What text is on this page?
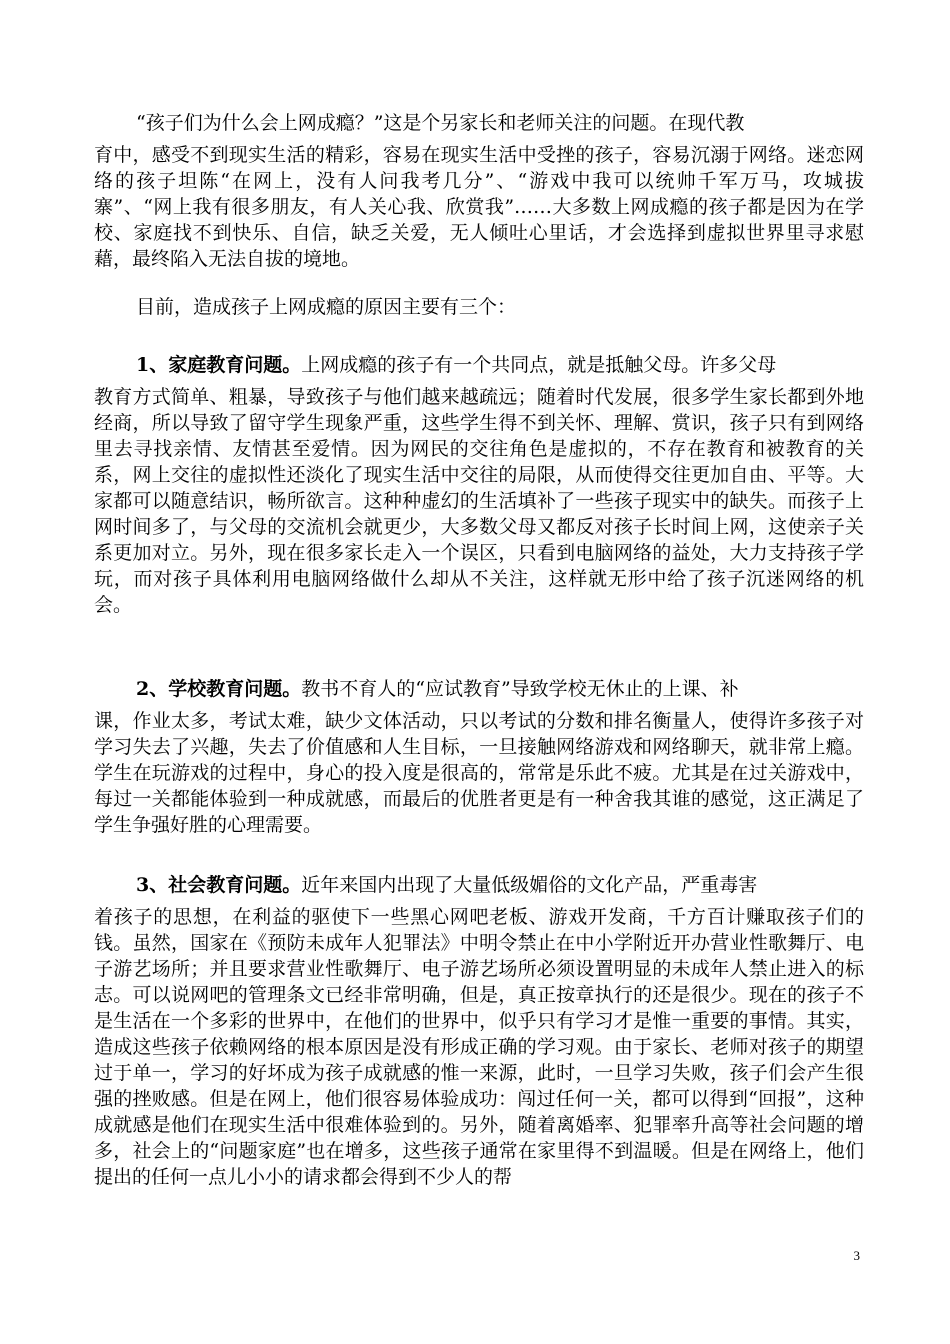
“孩子们为什么会上网成瘾？”这是个另家长和老师关注的问题。在现代教
育中，感受不到现实生活的精彩，容易在现实生活中受挫的孩子，容易沉溺于网络。迷恋网络的孩子坦陈“在网上，没有人问我考几分”、“游戏中我可以统帅千军万马，攻城拔寨”、“网上我有很多朋友，有人关心我、欣赏我”……大多数上网成瘾的孩子都是因为在学校、家庭找不到快乐、自信，缺乏关爱，无人倾吐心里话，才会选择到虚拟世界里寻求慰藉，最终陷入无法自拔的境地。

目前，造成孩子上网成瘾的原因主要有三个：

1、家庭教育问题。上网成瘾的孩子有一个共同点，就是抵触父母。许多父母
教育方式简单、粗暴，导致孩子与他们越来越疏远；随着时代发展，很多学生家长都到外地经商，所以导致了留守学生现象严重，这些学生得不到关怀、理解、赏识，孩子只有到网络里去寻找亲情、友情甚至爱情。因为网民的交往角色是虚拟的，不存在教育和被教育的关系，网上交往的虚拟性还淡化了现实生活中交往的局限，从而使得交往更加自由、平等。大家都可以随意结识，畅所欲言。这种种虚幻的生活填补了一些孩子现实中的缺失。而孩子上网时间多了，与父母的交流机会就更少，大多数父母又都反对孩子长时间上网，这使亲子关系更加对立。另外，现在很多家长走入一个误区，只看到电脑网络的益处，大力支持孩子学玩，而对孩子具体利用电脑网络做什么却从不关注，这样就无形中给了孩子沉迷网络的机会。

2、学校教育问题。教书不育人的“应试教育”导致学校无休止的上课、补
课，作业太多，考试太难，缺少文体活动，只以考试的分数和排名衡量人，使得许多孩子对学习失去了兴趣，失去了价值感和人生目标，一旦接触网络游戏和网络聊天，就非常上瘾。学生在玩游戏的过程中，身心的投入度是很高的，常常是乐此不疲。尤其是在过关游戏中，每过一关都能体验到一种成就感，而最后的优胜者更是有一种舍我其谁的感觉，这正满足了学生争强好胜的心理需要。

3、社会教育问题。近年来国内出现了大量低级媚俗的文化产品，严重毒害
着孩子的思想，在利益的驱使下一些黑心网吧老板、游戏开发商，千方百计赚取孩子们的钱。虽然，国家在《预防未成年人犯罪法》中明令禁止在中小学附近开办营业性歌舞厅、电子游艺场所；并且要求营业性歌舞厅、电子游艺场所必须设置明显的未成年人禁止进入的标志。可以说网吧的管理条文已经非常明确，但是，真正按章执行的还是很少。现在的孩子不是生活在一个多彩的世界中，在他们的世界中，似乎只有学习才是惟一重要的事情。其实，造成这些孩子依赖网络的根本原因是没有形成正确的学习观。由于家长、老师对孩子的期望过于单一，学习的好坏成为孩子成就感的惟一来源，此时，一旦学习失败，孩子们会产生很强的挫败感。但是在网上，他们很容易体验成功：闯过任何一关，都可以得到“回报”，这种成就感是他们在现实生活中很难体验到的。另外，随着离婚率、犯罪率升高等社会问题的增多，社会上的“问题家庭”也在增多，这些孩子通常在家里得不到温暖。但是在网络上，他们提出的任何一点儿小小的请求都会得到不少人的帮

3
